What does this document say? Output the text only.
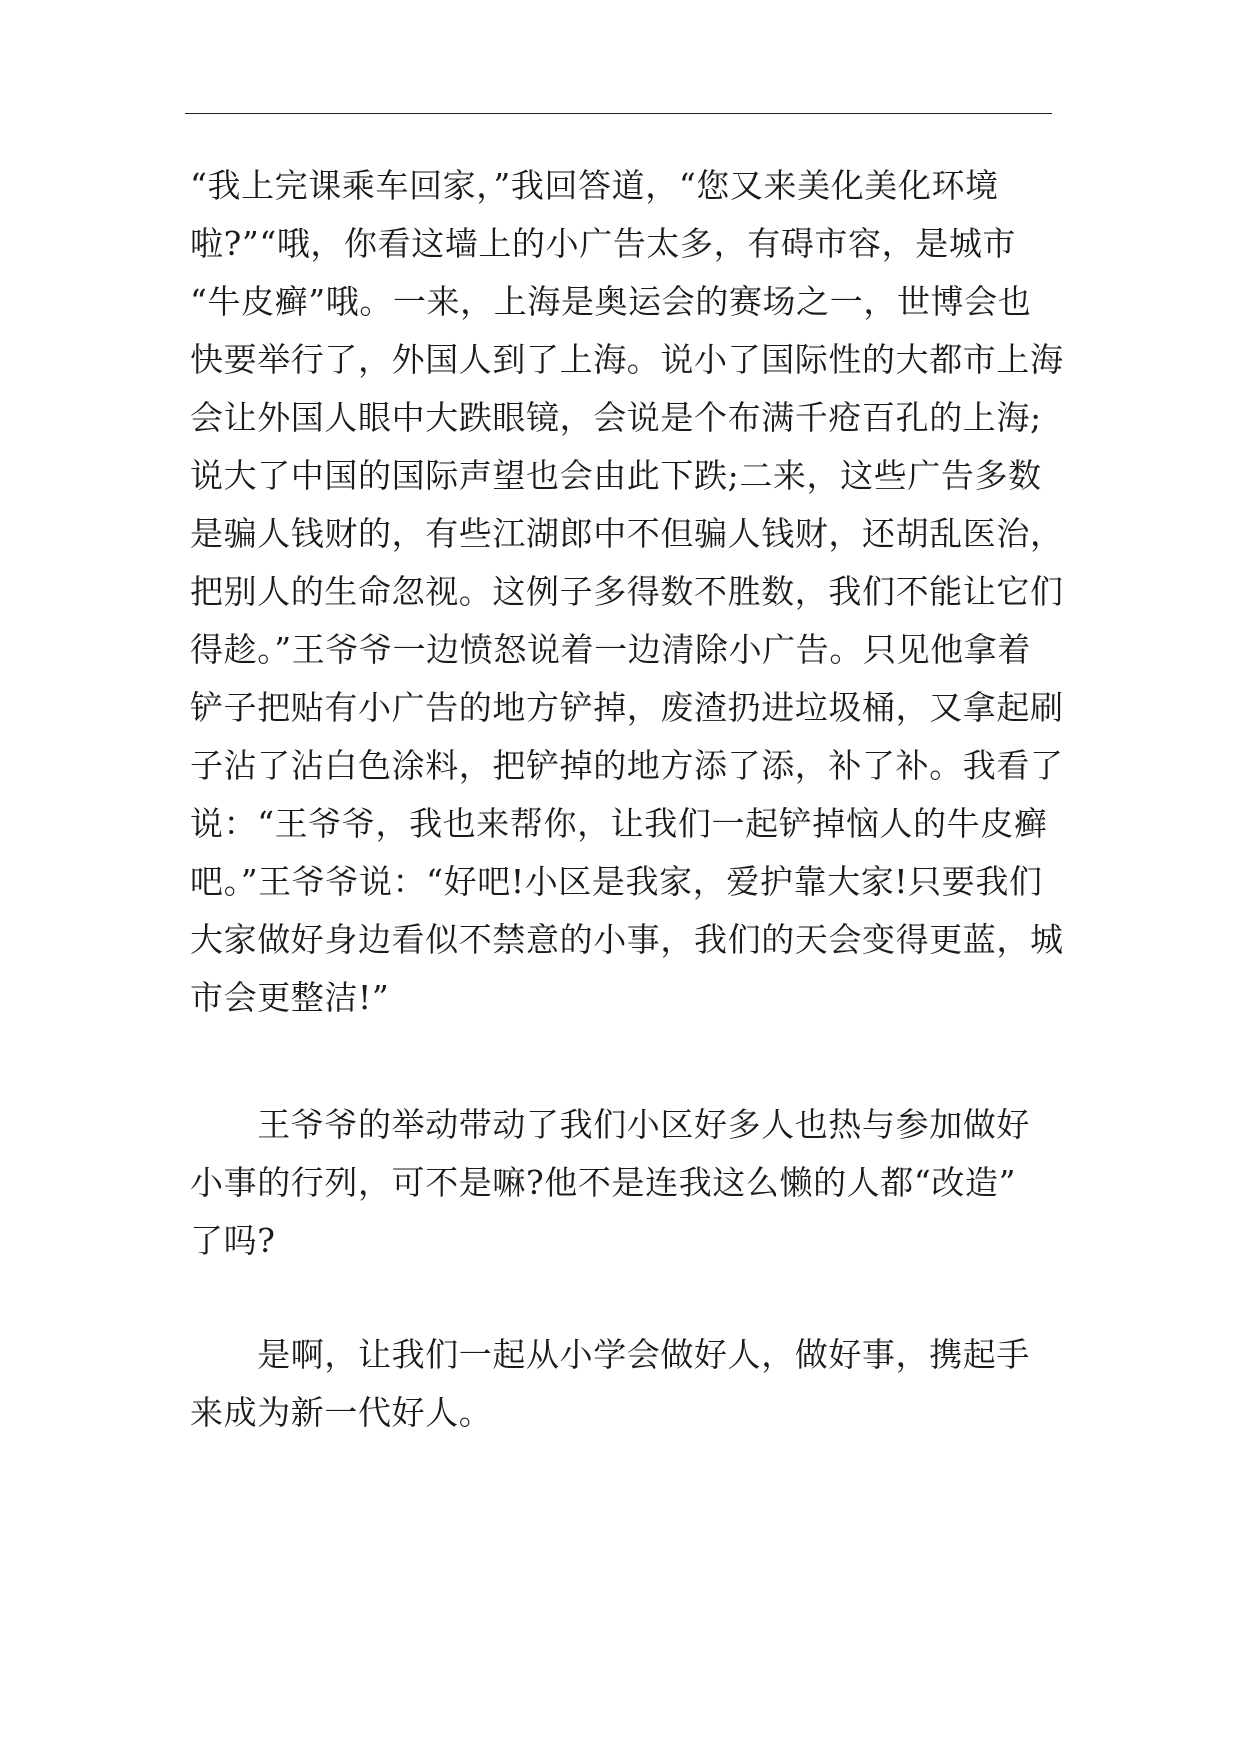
“我上完课乘车回家，”我回答道，“您又来美化美化环境
啦?”“哦，你看这墙上的小广告太多，有碍市容，是城市
“牛皮癣”哦。一来，上海是奥运会的赛场之一，世博会也
快要举行了，外国人到了上海。说小了国际性的大都市上海
会让外国人眼中大跌眼镜，会说是个布满千疮百孔的上海;
说大了中国的国际声望也会由此下跌;二来，这些广告多数
是骗人钱财的，有些江湖郎中不但骗人钱财，还胡乱医治，
把别人的生命忽视。这例子多得数不胜数，我们不能让它们
得趁。”王爷爷一边愤怒说着一边清除小广告。只见他拿着
铲子把贴有小广告的地方铲掉，废渣扔进垃圾桶，又拿起刷
子沾了沾白色涂料，把铲掉的地方添了添，补了补。我看了
说：“王爷爷，我也来帮你，让我们一起铲掉恼人的牛皮癣
吧。”王爷爷说：“好吧!小区是我家，爱护靠大家!只要我们
大家做好身边看似不禁意的小事，我们的天会变得更蓝，城
市会更整洁!”
　　王爷爷的举动带动了我们小区好多人也热与参加做好
小事的行列，可不是嘛?他不是连我这么懒的人都“改造”
了吗?
　　是啊，让我们一起从小学会做好人，做好事，携起手
来成为新一代好人。
